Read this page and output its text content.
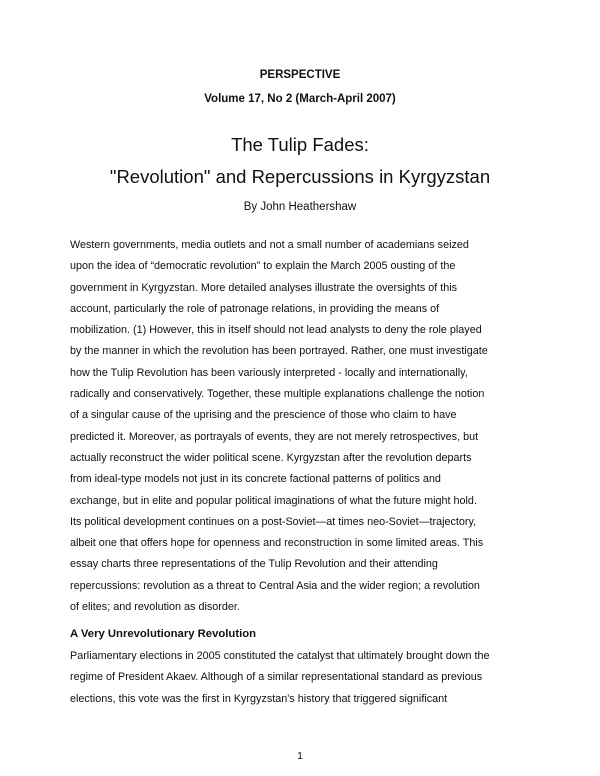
PERSPECTIVE
Volume 17, No 2 (March-April 2007)
The Tulip Fades:
"Revolution" and Repercussions in Kyrgyzstan
By John Heathershaw
Western governments, media outlets and not a small number of academians seized
upon the idea of “democratic revolution” to explain the March 2005 ousting of the
government in Kyrgyzstan. More detailed analyses illustrate the oversights of this
account, particularly the role of patronage relations, in providing the means of
mobilization. (1) However, this in itself should not lead analysts to deny the role played
by the manner in which the revolution has been portrayed. Rather, one must investigate
how the Tulip Revolution has been variously interpreted - locally and internationally,
radically and conservatively. Together, these multiple explanations challenge the notion
of a singular cause of the uprising and the prescience of those who claim to have
predicted it. Moreover, as portrayals of events, they are not merely retrospectives, but
actually reconstruct the wider political scene. Kyrgyzstan after the revolution departs
from ideal-type models not just in its concrete factional patterns of politics and
exchange, but in elite and popular political imaginations of what the future might hold.
Its political development continues on a post-Soviet—at times neo-Soviet—trajectory,
albeit one that offers hope for openness and reconstruction in some limited areas. This
essay charts three representations of the Tulip Revolution and their attending
repercussions: revolution as a threat to Central Asia and the wider region; a revolution
of elites; and revolution as disorder.
A Very Unrevolutionary Revolution
Parliamentary elections in 2005 constituted the catalyst that ultimately brought down the
regime of President Akaev. Although of a similar representational standard as previous
elections, this vote was the first in Kyrgyzstan's history that triggered significant
1
